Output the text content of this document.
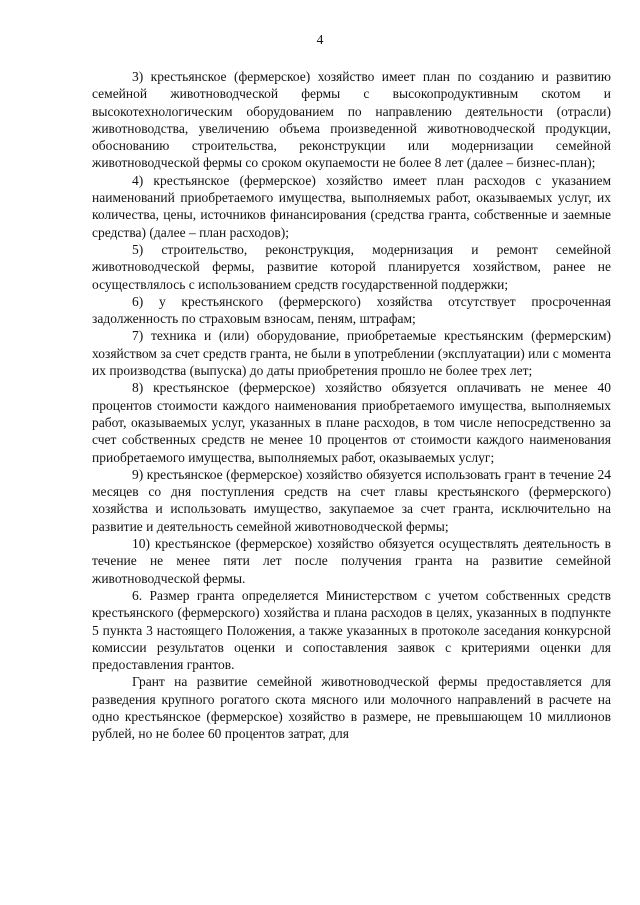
4

3) крестьянское (фермерское) хозяйство имеет план по созданию и развитию семейной животноводческой фермы с высокопродуктивным скотом и высокотехнологическим оборудованием по направлению деятельности (отрасли) животноводства, увеличению объема произведенной животноводческой продукции, обоснованию строительства, реконструкции или модернизации семейной животноводческой фермы со сроком окупаемости не более 8 лет (далее – бизнес-план);

4) крестьянское (фермерское) хозяйство имеет план расходов с указанием наименований приобретаемого имущества, выполняемых работ, оказываемых услуг, их количества, цены, источников финансирования (средства гранта, собственные и заемные средства) (далее – план расходов);

5) строительство, реконструкция, модернизация и ремонт семейной животноводческой фермы, развитие которой планируется хозяйством, ранее не осуществлялось с использованием средств государственной поддержки;

6) у крестьянского (фермерского) хозяйства отсутствует просроченная задолженность по страховым взносам, пеням, штрафам;

7) техника и (или) оборудование, приобретаемые крестьянским (фермерским) хозяйством за счет средств гранта, не были в употреблении (эксплуатации) или с момента их производства (выпуска) до даты приобретения прошло не более трех лет;

8) крестьянское (фермерское) хозяйство обязуется оплачивать не менее 40 процентов стоимости каждого наименования приобретаемого имущества, выполняемых работ, оказываемых услуг, указанных в плане расходов, в том числе непосредственно за счет собственных средств не менее 10 процентов от стоимости каждого наименования приобретаемого имущества, выполняемых работ, оказываемых услуг;

9) крестьянское (фермерское) хозяйство обязуется использовать грант в течение 24 месяцев со дня поступления средств на счет главы крестьянского (фермерского) хозяйства и использовать имущество, закупаемое за счет гранта, исключительно на развитие и деятельность семейной животноводческой фермы;

10) крестьянское (фермерское) хозяйство обязуется осуществлять деятельность в течение не менее пяти лет после получения гранта на развитие семейной животноводческой фермы.

6. Размер гранта определяется Министерством с учетом собственных средств крестьянского (фермерского) хозяйства и плана расходов в целях, указанных в подпункте 5 пункта 3 настоящего Положения, а также указанных в протоколе заседания конкурсной комиссии результатов оценки и сопоставления заявок с критериями оценки для предоставления грантов.

Грант на развитие семейной животноводческой фермы предоставляется для разведения крупного рогатого скота мясного или молочного направлений в расчете на одно крестьянское (фермерское) хозяйство в размере, не превышающем 10 миллионов рублей, но не более 60 процентов затрат, для
